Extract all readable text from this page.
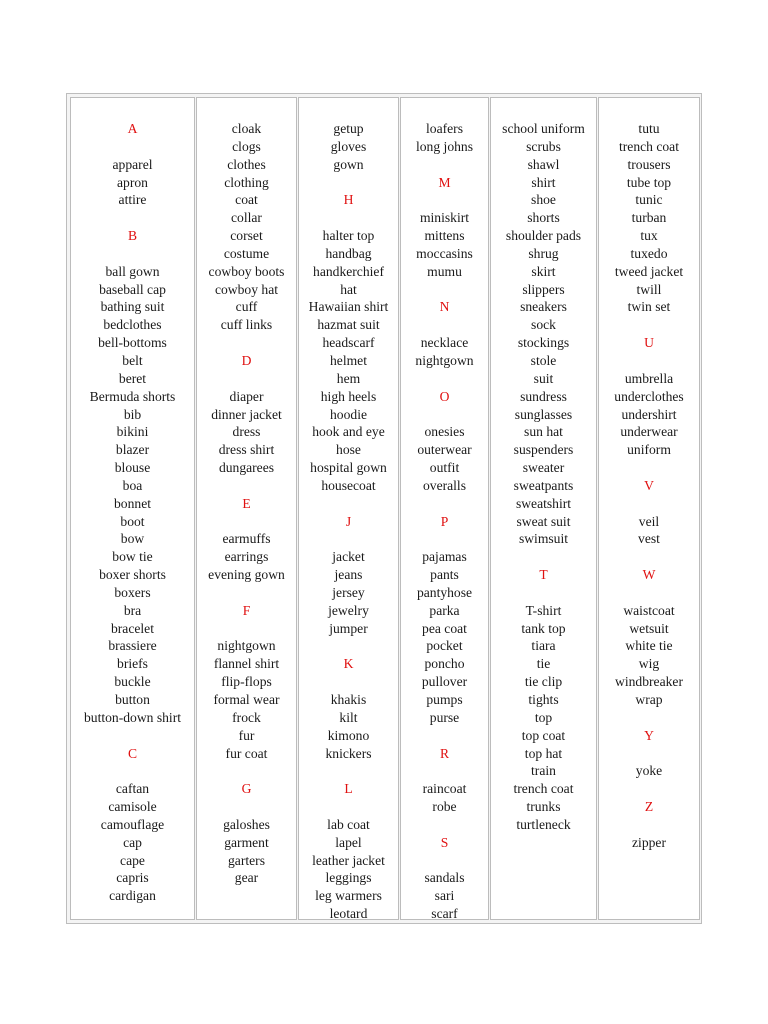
A
apparel
apron
attire
B
ball gown
baseball cap
bathing suit
bedclothes
bell-bottoms
belt
beret
Bermuda shorts
bib
bikini
blazer
blouse
boa
bonnet
boot
bow
bow tie
boxer shorts
boxers
bra
bracelet
brassiere
briefs
buckle
button
button-down shirt
C
caftan
camisole
camouflage
cap
cape
capris
cardigan
cloak
clogs
clothes
clothing
coat
collar
corset
costume
cowboy boots
cowboy hat
cuff
cuff links
D
diaper
dinner jacket
dress
dress shirt
dungarees
E
earmuffs
earrings
evening gown
F
nightgown
flannel shirt
flip-flops
formal wear
frock
fur
fur coat
G
galoshes
garment
garters
gear
getup
gloves
gown
H
halter top
handbag
handkerchief
hat
Hawaiian shirt
hazmat suit
headscarf
helmet
hem
high heels
hoodie
hook and eye
hose
hospital gown
housecoat
J
jacket
jeans
jersey
jewelry
jumper
K
khakis
kilt
kimono
knickers
L
lab coat
lapel
leather jacket
leggings
leg warmers
leotard
loafers
long johns
M
miniskirt
mittens
moccasins
mumu
N
necklace
nightgown
O
onesies
outerwear
outfit
overalls
P
pajamas
pants
pantyhose
parka
pea coat
pocket
poncho
pullover
pumps
purse
R
raincoat
robe
S
sandals
sari
scarf
school uniform
scrubs
shawl
shirt
shoe
shorts
shoulder pads
shrug
skirt
slippers
sneakers
sock
stockings
stole
suit
sundress
sunglasses
sun hat
suspenders
sweater
sweatpants
sweatshirt
sweat suit
swimsuit
T
T-shirt
tank top
tiara
tie
tie clip
tights
top
top coat
top hat
train
trench coat
trunks
turtleneck
tutu
trench coat
trousers
tube top
tunic
turban
tux
tuxedo
tweed jacket
twill
twin set
U
umbrella
underclothes
undershirt
underwear
uniform
V
veil
vest
W
waistcoat
wetsuit
white tie
wig
windbreaker
wrap
Y
yoke
Z
zipper
